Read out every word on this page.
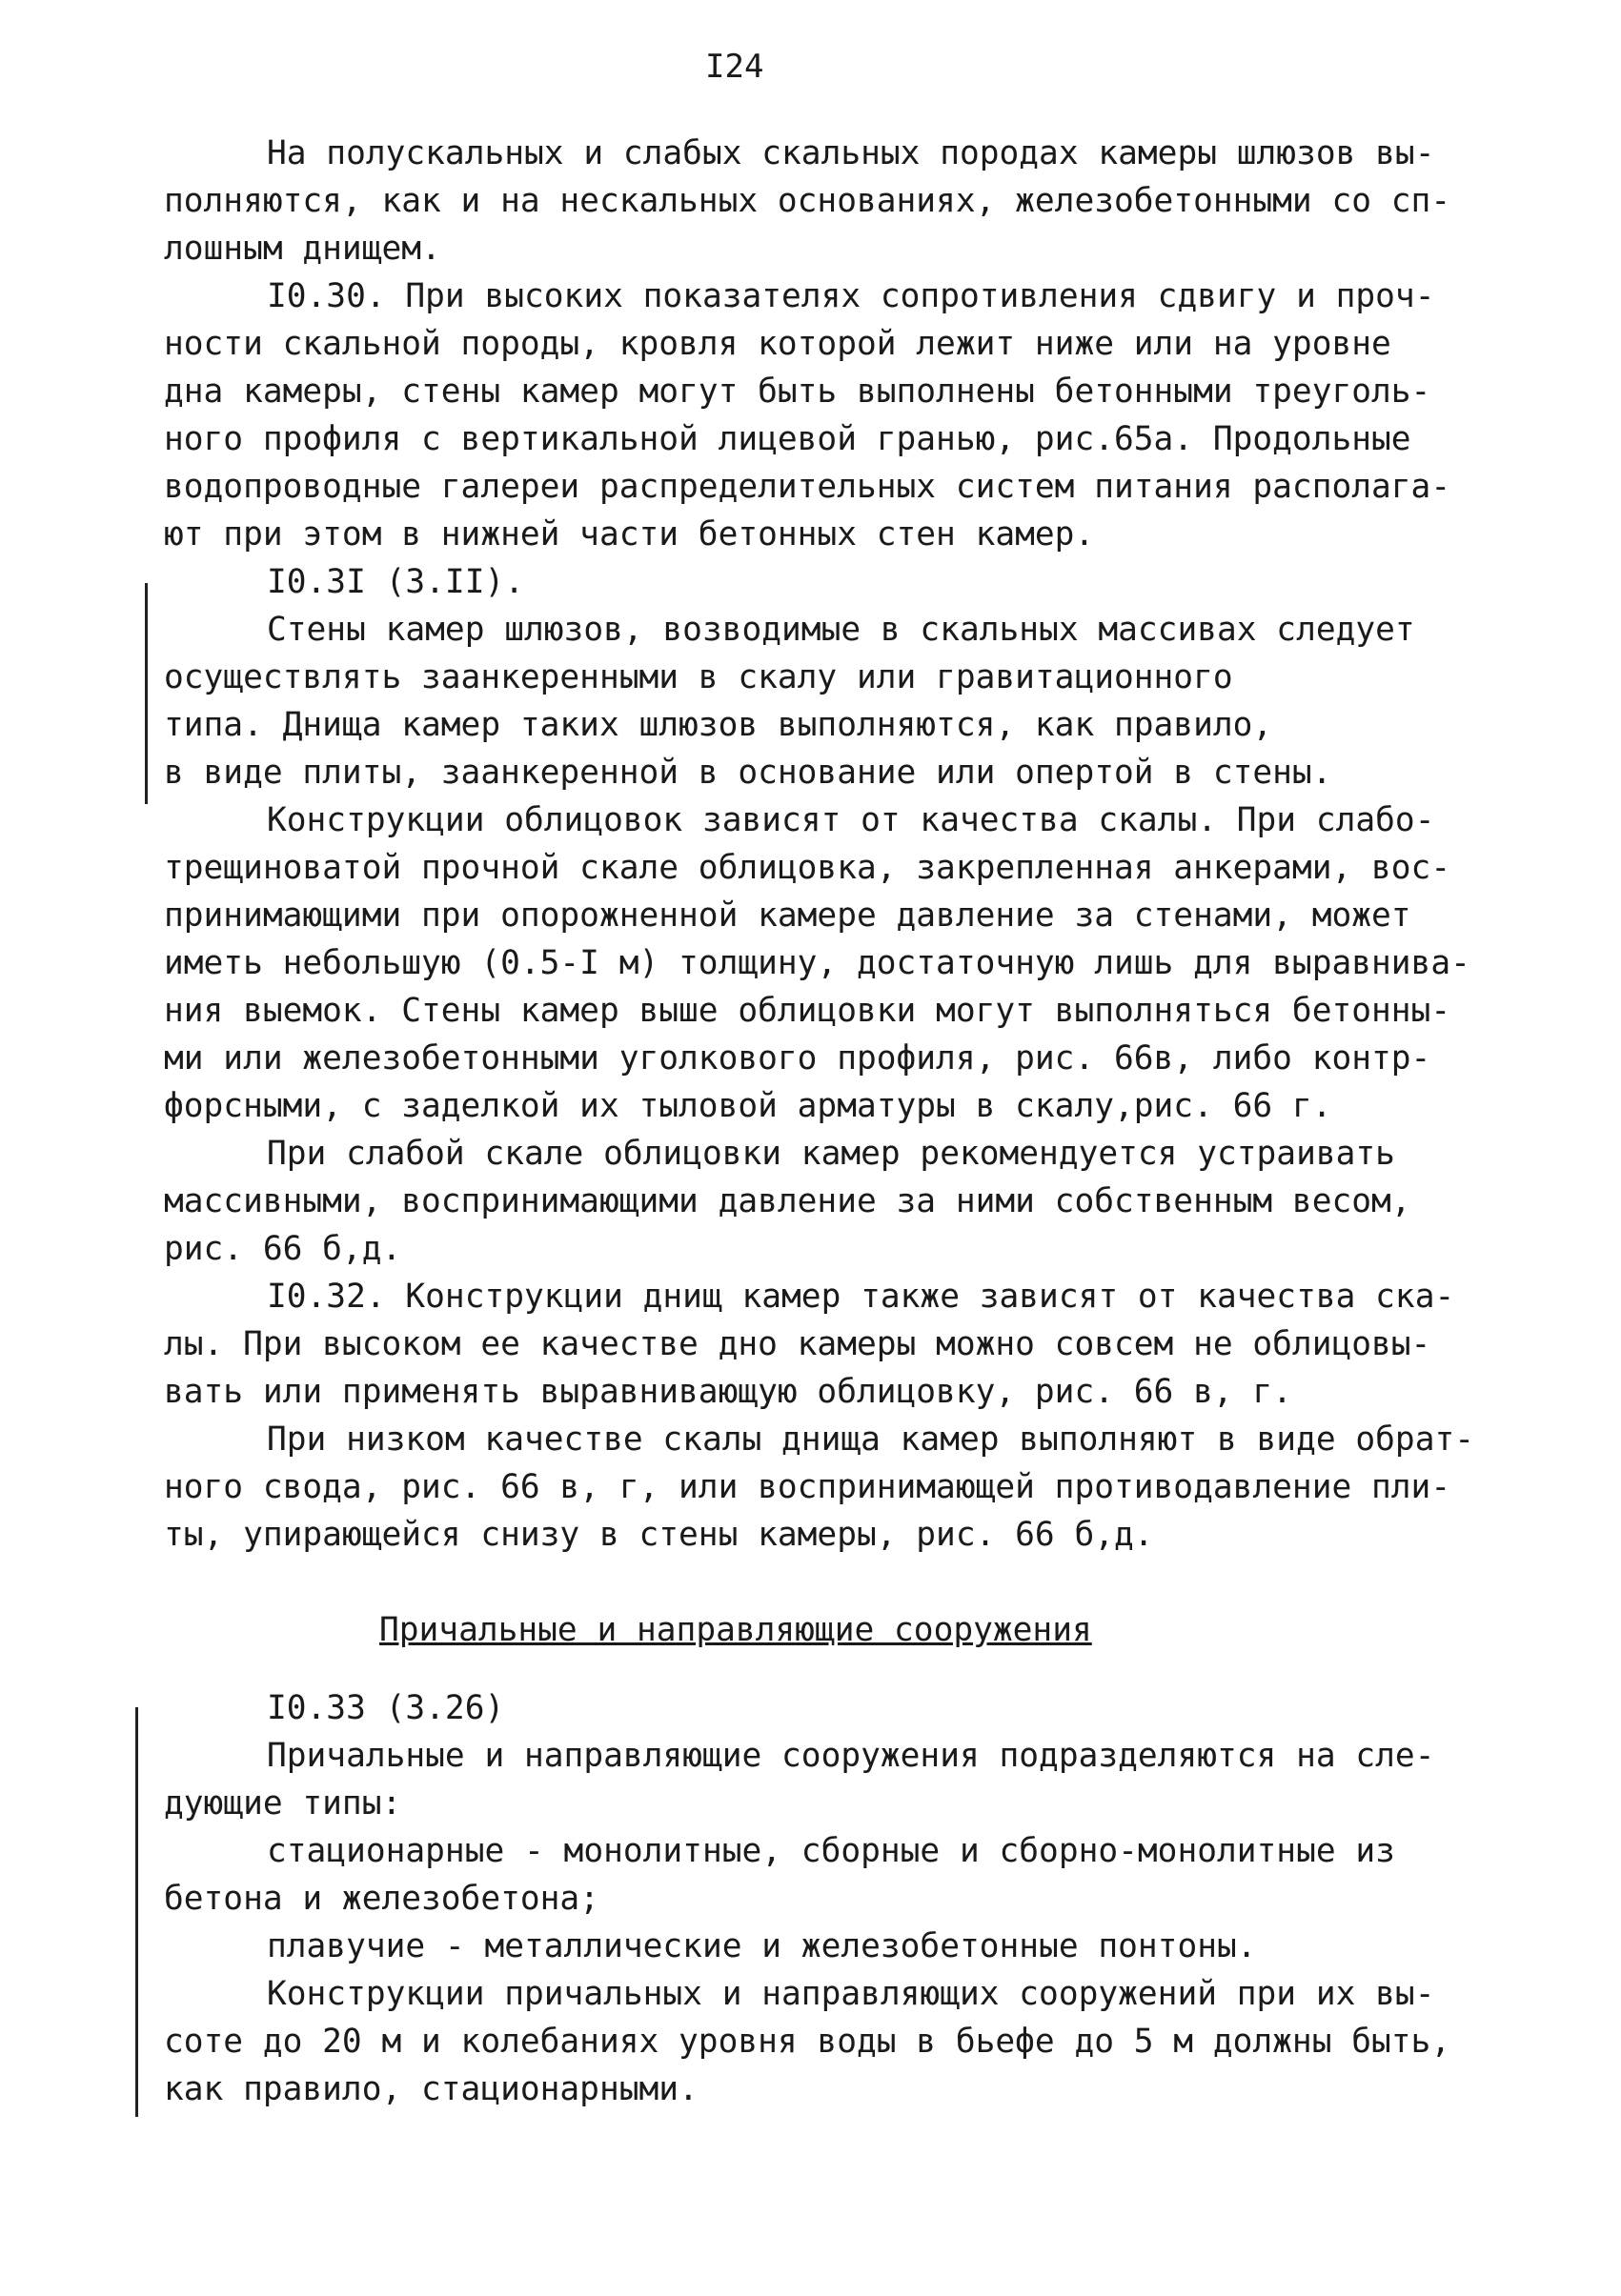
I24
На полускальных и слабых скальных породах камеры шлюзов вы-
полняются, как и на нескальных основаниях, железобетонными со сп-
лошным днищем.
I0.30. При высоких показателях сопротивления сдвигу и проч-
ности скальной породы, кровля которой лежит ниже или на уровне
дна камеры, стены камер могут быть выполнены бетонными треуголь-
ного профиля с вертикальной лицевой гранью, рис.65а. Продольные
водопроводные галереи распределительных систем питания располага-
ют при этом в нижней части бетонных стен камер.
I0.3I (3.II).
Стены камер шлюзов, возводимые в скальных массивах следует
осуществлять заанкеренными в скалу или гравитационного
типа. Днища камер таких шлюзов выполняются, как правило,
в виде плиты, заанкеренной в основание или опертой в стены.
Конструкции облицовок зависят от качества скалы. При слабо-
трещиноватой прочной скале облицовка, закрепленная анкерами, вос-
принимающими при опорожненной камере давление за стенами, может
иметь небольшую (0.5-I м) толщину, достаточную лишь для выравнива-
ния выемок. Стены камер выше облицовки могут выполняться бетонны-
ми или железобетонными уголкового профиля, рис. 66в, либо контр-
форсными, с заделкой их тыловой арматуры в скалу,рис. 66 г.
При слабой скале облицовки камер рекомендуется устраивать
массивными, воспринимающими давление за ними собственным весом,
рис. 66 б,д.
I0.32. Конструкции днищ камер также зависят от качества ска-
лы. При высоком ее качестве дно камеры можно совсем не облицовы-
вать или применять выравнивающую облицовку, рис. 66 в, г.
При низком качестве скалы днища камер выполняют в виде обрат-
ного свода, рис. 66 в, г, или воспринимающей противодавление пли-
ты, упирающейся снизу в стены камеры, рис. 66 б,д.
Причальные и направляющие сооружения
I0.33 (3.26)
Причальные и направляющие сооружения подразделяются на сле-
дующие типы:
стационарные - монолитные, сборные и сборно-монолитные из
бетона и железобетона;
плавучие - металлические и железобетонные понтоны.
Конструкции причальных и направляющих сооружений при их вы-
соте до 20 м и колебаниях уровня воды в бьефе до 5 м должны быть,
как правило, стационарными.
